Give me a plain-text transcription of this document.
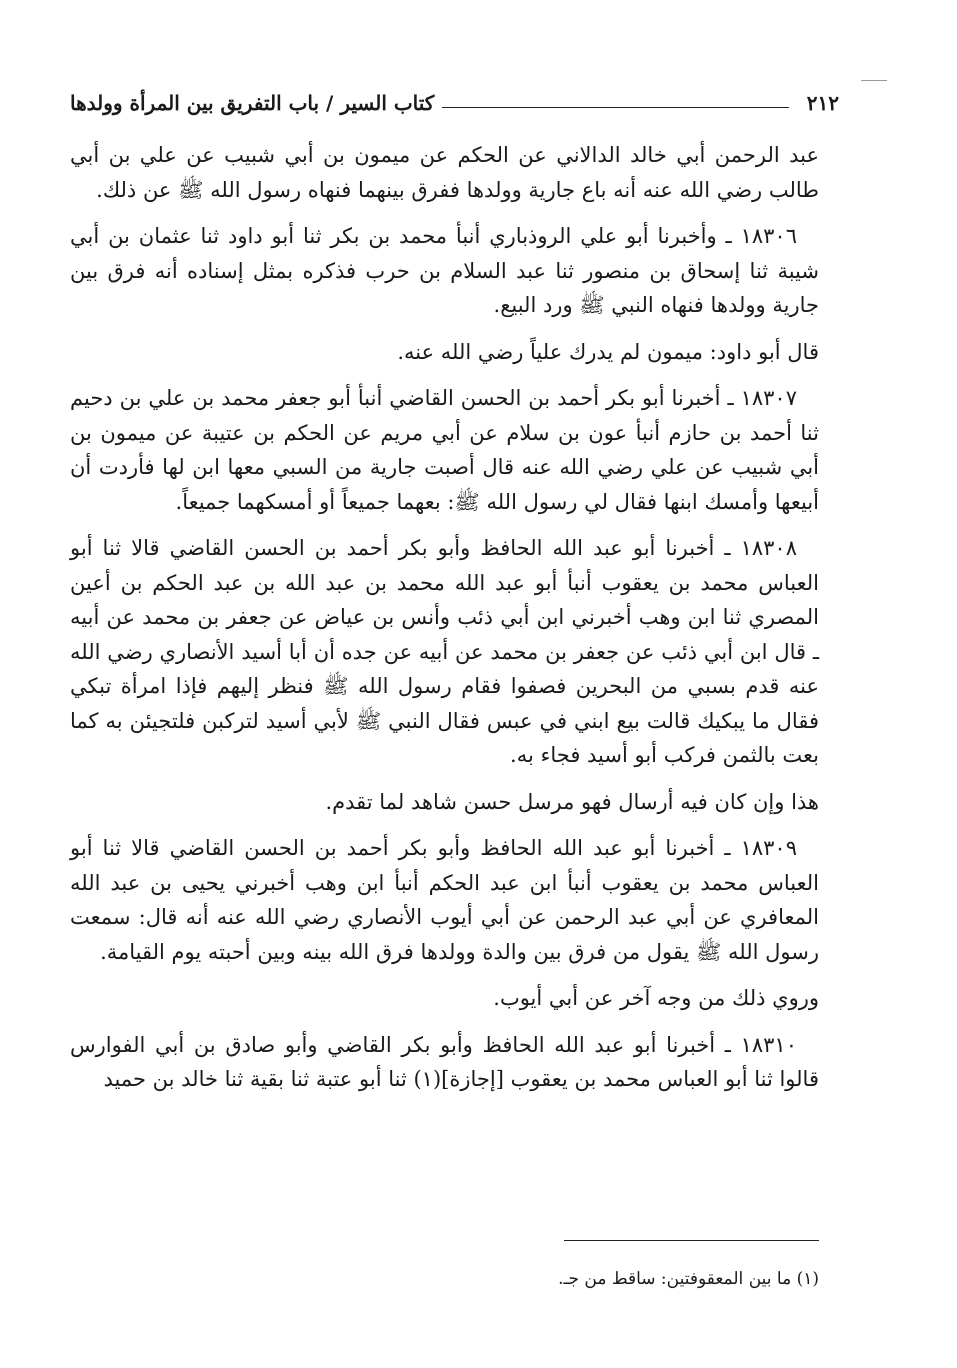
٢١٢
كتاب السير / باب التفريق بين المرأة وولدها

عبد الرحمن أبي خالد الدالاني عن الحكم عن ميمون بن أبي شبيب عن علي بن أبي طالب رضي الله عنه أنه باع جارية وولدها ففرق بينهما فنهاه رسول الله ﷺ عن ذلك.

١٨٣٠٦ ـ وأخبرنا أبو علي الروذباري أنبأ محمد بن بكر ثنا أبو داود ثنا عثمان بن أبي شيبة ثنا إسحاق بن منصور ثنا عبد السلام بن حرب فذكره بمثل إسناده أنه فرق بين جارية وولدها فنهاه النبي ﷺ ورد البيع.

قال أبو داود: ميمون لم يدرك علياً رضي الله عنه.

١٨٣٠٧ ـ أخبرنا أبو بكر أحمد بن الحسن القاضي أنبأ أبو جعفر محمد بن علي بن دحيم ثنا أحمد بن حازم أنبأ عون بن سلام عن أبي مريم عن الحكم بن عتيبة عن ميمون بن أبي شبيب عن علي رضي الله عنه قال أصبت جارية من السبي معها ابن لها فأردت أن أبيعها وأمسك ابنها فقال لي رسول الله ﷺ: بعهما جميعاً أو أمسكهما جميعاً.

١٨٣٠٨ ـ أخبرنا أبو عبد الله الحافظ وأبو بكر أحمد بن الحسن القاضي قالا ثنا أبو العباس محمد بن يعقوب أنبأ أبو عبد الله محمد بن عبد الله بن عبد الحكم بن أعين المصري ثنا ابن وهب أخبرني ابن أبي ذئب وأنس بن عياض عن جعفر بن محمد عن أبيه ـ قال ابن أبي ذئب عن جعفر بن محمد عن أبيه عن جده أن أبا أسيد الأنصاري رضي الله عنه قدم بسبي من البحرين فصفوا فقام رسول الله ﷺ فنظر إليهم فإذا امرأة تبكي فقال ما يبكيك قالت بيع ابني في عبس فقال النبي ﷺ لأبي أسيد لتركبن فلتجيئن به كما بعت بالثمن فركب أبو أسيد فجاء به.

هذا وإن كان فيه أرسال فهو مرسل حسن شاهد لما تقدم.

١٨٣٠٩ ـ أخبرنا أبو عبد الله الحافظ وأبو بكر أحمد بن الحسن القاضي قالا ثنا أبو العباس محمد بن يعقوب أنبأ ابن عبد الحكم أنبأ ابن وهب أخبرني يحيى بن عبد الله المعافري عن أبي عبد الرحمن عن أبي أيوب الأنصاري رضي الله عنه أنه قال: سمعت رسول الله ﷺ يقول من فرق بين والدة وولدها فرق الله بينه وبين أحبته يوم القيامة.

وروي ذلك من وجه آخر عن أبي أيوب.

١٨٣١٠ ـ أخبرنا أبو عبد الله الحافظ وأبو بكر القاضي وأبو صادق بن أبي الفوارس قالوا ثنا أبو العباس محمد بن يعقوب [إجازة](١) ثنا أبو عتبة ثنا بقية ثنا خالد بن حميد

(١) ما بين المعقوفتين: ساقط من جـ.
